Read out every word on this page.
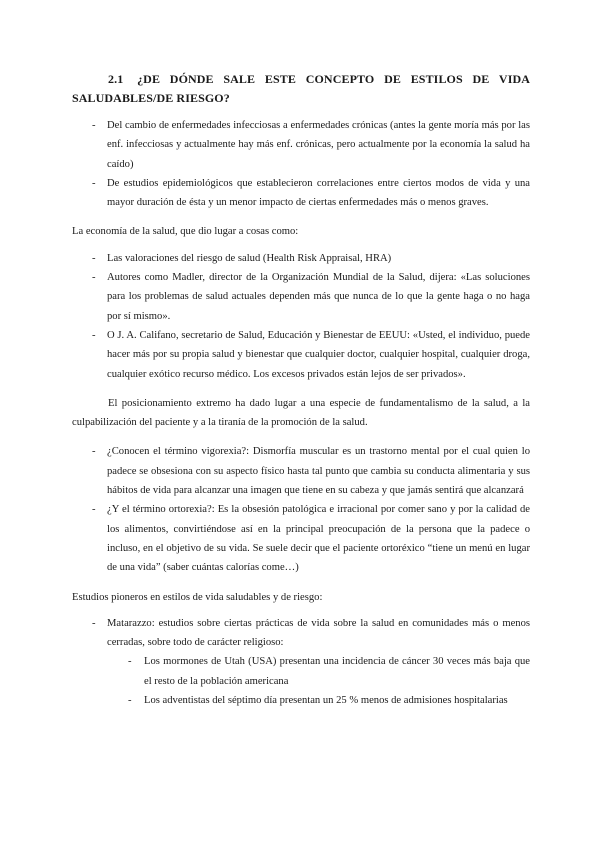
2.1 ¿DE DÓNDE SALE ESTE CONCEPTO DE ESTILOS DE VIDA SALUDABLES/DE RIESGO?
- Del cambio de enfermedades infecciosas a enfermedades crónicas (antes la gente moría más por las enf. infecciosas y actualmente hay más enf. crónicas, pero actualmente por la economía la salud ha caído)
- De estudios epidemiológicos que establecieron correlaciones entre ciertos modos de vida y una mayor duración de ésta y un menor impacto de ciertas enfermedades más o menos graves.

La economía de la salud, que dio lugar a cosas como:

- Las valoraciones del riesgo de salud (Health Risk Appraisal, HRA)
- Autores como Madler, director de la Organización Mundial de la Salud, dijera: «Las soluciones para los problemas de salud actuales dependen más que nunca de lo que la gente haga o no haga por sí mismo».
- O J. A. Califano, secretario de Salud, Educación y Bienestar de EEUU: «Usted, el individuo, puede hacer más por su propia salud y bienestar que cualquier doctor, cualquier hospital, cualquier droga, cualquier exótico recurso médico. Los excesos privados están lejos de ser privados».

El posicionamiento extremo ha dado lugar a una especie de fundamentalismo de la salud, a la culpabilización del paciente y a la tiranía de la promoción de la salud.

- ¿Conocen el término vigorexia?: Dismorfía muscular es un trastorno mental por el cual quien lo padece se obsesiona con su aspecto físico hasta tal punto que cambia su conducta alimentaria y sus hábitos de vida para alcanzar una imagen que tiene en su cabeza y que jamás sentirá que alcanzará
- ¿Y el término ortorexia?: Es la obsesión patológica e irracional por comer sano y por la calidad de los alimentos, convirtiéndose así en la principal preocupación de la persona que la padece o incluso, en el objetivo de su vida. Se suele decir que el paciente ortoréxico “tiene un menú en lugar de una vida” (saber cuántas calorías come…)

Estudios pioneros en estilos de vida saludables y de riesgo:

- Matarazzo: estudios sobre ciertas prácticas de vida sobre la salud en comunidades más o menos cerradas, sobre todo de carácter religioso:
- Los mormones de Utah (USA) presentan una incidencia de cáncer 30 veces más baja que el resto de la población americana
- Los adventistas del séptimo día presentan un 25 % menos de admisiones hospitalarias
